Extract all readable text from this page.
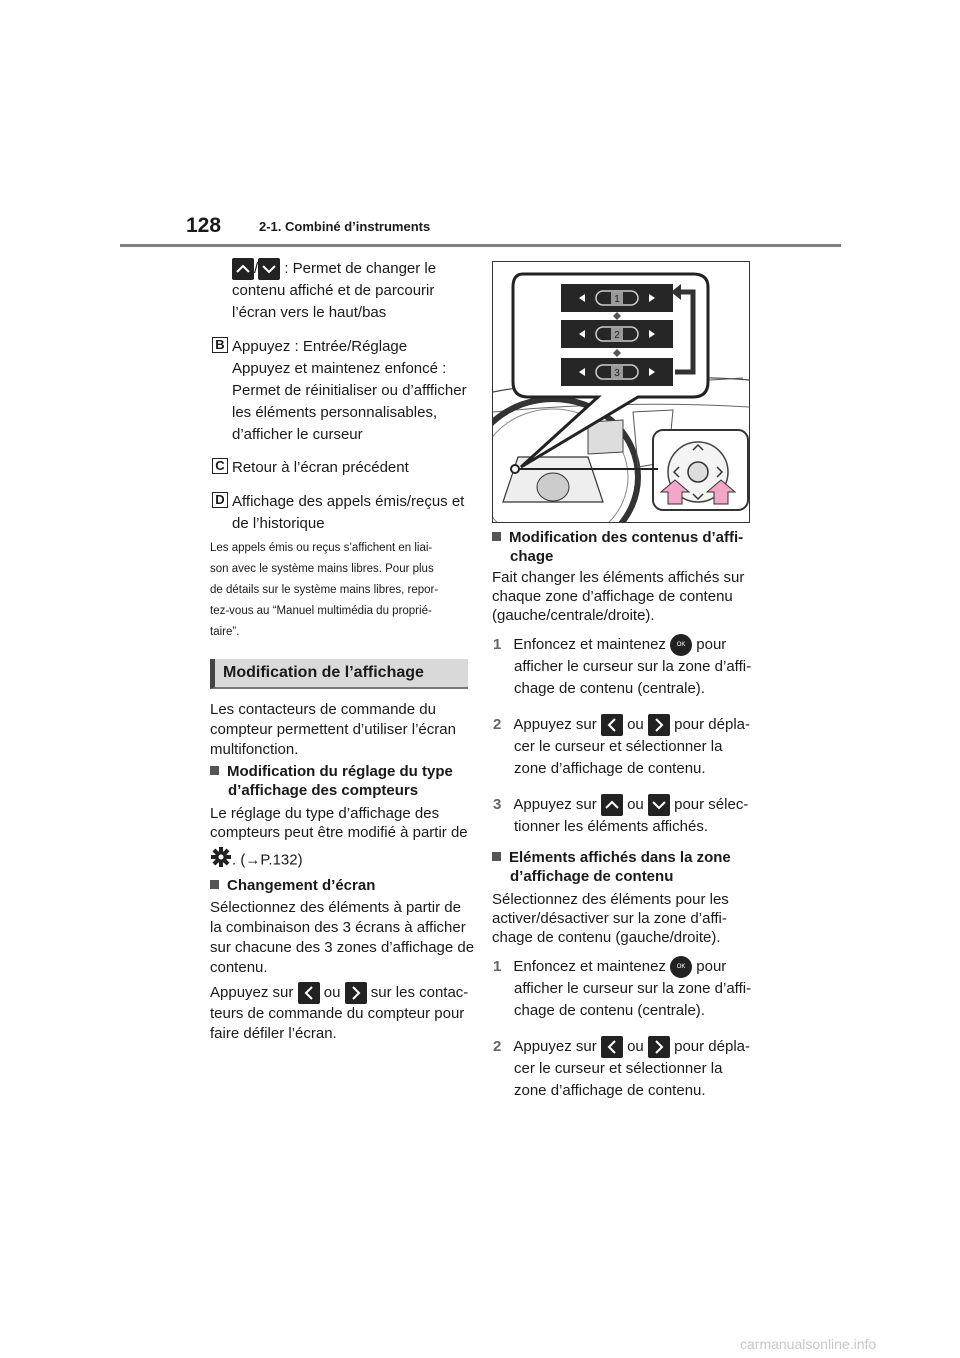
128	2-1. Combiné d’instruments
/ : Permet de changer le
contenu affiché et de parcourir
l’écran vers le haut/bas
B Appuyez : Entrée/Réglage
Appuyez et maintenez enfoncé :
Permet de réinitialiser ou d’affficher
les éléments personnalisables,
d’afficher le curseur
C Retour à l’écran précédent
D Affichage des appels émis/reçus et
de l’historique
Les appels émis ou reçus s’affichent en liai-
son avec le système mains libres. Pour plus
de détails sur le système mains libres, repor-
tez-vous au “Manuel multimédia du proprié-
taire”.
Modification de l’affichage
Les contacteurs de commande du
compteur permettent d’utiliser l’écran
multifonction.
Modification du réglage du type
d’affichage des compteurs
Le réglage du type d’affichage des
compteurs peut être modifié à partir de
. (→P.132)
Changement d’écran
Sélectionnez des éléments à partir de
la combinaison des 3 écrans à afficher
sur chacune des 3 zones d’affichage de
contenu.
Appuyez sur ou sur les contac-
teurs de commande du compteur pour
faire défiler l’écran.
1
2
3
Modification des contenus d’affi-
chage
Fait changer les éléments affichés sur
chaque zone d’affichage de contenu
(gauche/centrale/droite).
1 Enfoncez et maintenez OK pour
afficher le curseur sur la zone d’affi-
chage de contenu (centrale).
2 Appuyez sur ou pour dépla-
cer le curseur et sélectionner la
zone d’affichage de contenu.
3 Appuyez sur ou pour sélec-
tionner les éléments affichés.
Eléments affichés dans la zone
d’affichage de contenu
Sélectionnez des éléments pour les
activer/désactiver sur la zone d’affi-
chage de contenu (gauche/droite).
1 Enfoncez et maintenez OK pour
afficher le curseur sur la zone d’affi-
chage de contenu (centrale).
2 Appuyez sur ou pour dépla-
cer le curseur et sélectionner la
zone d’affichage de contenu.
carmanualsonline.info
